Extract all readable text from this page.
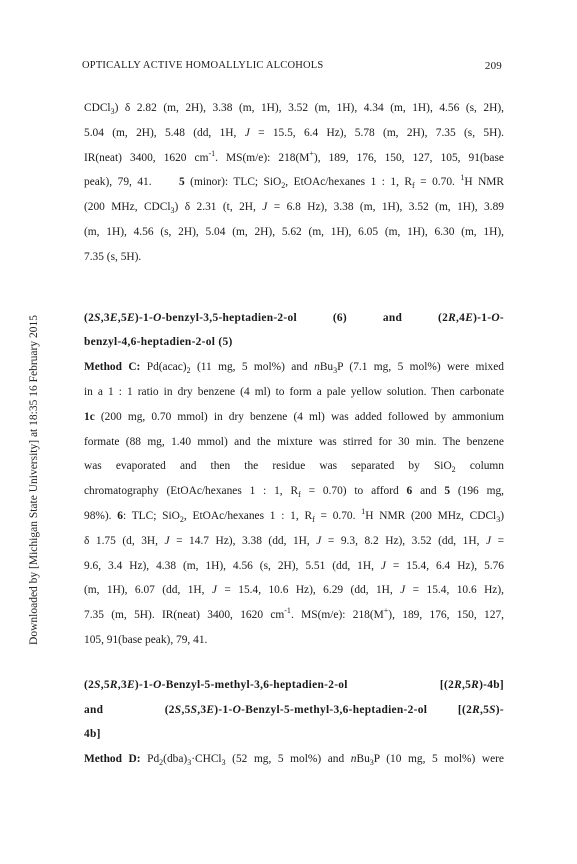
OPTICALLY ACTIVE HOMOALLYLIC ALCOHOLS	209
Downloaded by [Michigan State University] at 18:35 16 February 2015
CDCl$_3$) δ 2.82 (m, 2H), 3.38 (m, 1H), 3.52 (m, 1H), 4.34 (m, 1H), 4.56 (s, 2H),
5.04 (m, 2H), 5.48 (dd, 1H, J = 15.5, 6.4 Hz), 5.78 (m, 2H), 7.35 (s, 5H).
IR(neat) 3400, 1620 $cm^{-1}$. MS(m/e): 218(M+), 189, 176, 150, 127, 105, 91(base
peak), 79, 41.     5 (minor): TLC; SiO$_2$, EtOAc/hexanes 1 : 1, $R_f = 0.70$. $^1$H NMR
(200 MHz, CDCl$_3$) δ 2.31 (t, 2H, J = 6.8 Hz), 3.38 (m, 1H), 3.52 (m, 1H), 3.89
(m, 1H), 4.56 (s, 2H), 5.04 (m, 2H), 5.62 (m, 1H), 6.05 (m, 1H), 6.30 (m, 1H),
7.35 (s, 5H).
(2S,3E,5E)-1-O-benzyl-3,5-heptadien-2-ol (6) and (2R,4E)-1-O-
benzyl-4,6-heptadien-2-ol (5)
Method C: $Pd(acac)_2$ (11 mg, 5 mol%) and nBu$_3$P (7.1 mg, 5 mol%) were mixed
in a 1 : 1 ratio in dry benzene (4 ml) to form a pale yellow solution. Then carbonate
1c (200 mg, 0.70 mmol) in dry benzene (4 ml) was added followed by ammonium
formate (88 mg, 1.40 mmol) and the mixture was stirred for 30 min. The benzene
was  evaporated  and  then  the  residue  was  separated  by  SiO$_2$  column
chromatography (EtOAc/hexanes 1 : 1, $R_f = 0.70$) to afford 6 and 5 (196 mg,
98%). 6: TLC; SiO$_2$, EtOAc/hexanes 1 : 1, $R_f = 0.70$. $^1$H NMR (200 MHz, CDCl$_3$)
δ 1.75 (d, 3H, J = 14.7 Hz), 3.38 (dd, 1H, J = 9.3, 8.2 Hz), 3.52 (dd, 1H, J =
9.6, 3.4 Hz), 4.38 (m, 1H), 4.56 (s, 2H), 5.51 (dd, 1H, J = 15.4, 6.4 Hz), 5.76
(m, 1H), 6.07 (dd, 1H, J = 15.4, 10.6 Hz), 6.29 (dd, 1H, J = 15.4, 10.6 Hz),
7.35 (m, 5H). IR(neat) 3400, 1620 $cm^{-1}$. MS(m/e): 218(M+), 189, 176, 150, 127,
105, 91(base peak), 79, 41.
(2S,5R,3E)-1-O-Benzyl-5-methyl-3,6-heptadien-2-ol [(2R,5R)-4b]
and  (2S,5S,3E)-1-O-Benzyl-5-methyl-3,6-heptadien-2-ol [(2R,5S)-
4b]
Method D: $Pd_2(dba)_3\cdot CHCl_3$ (52 mg, 5 mol%) and nBu$_3$P (10 mg, 5 mol%) were
